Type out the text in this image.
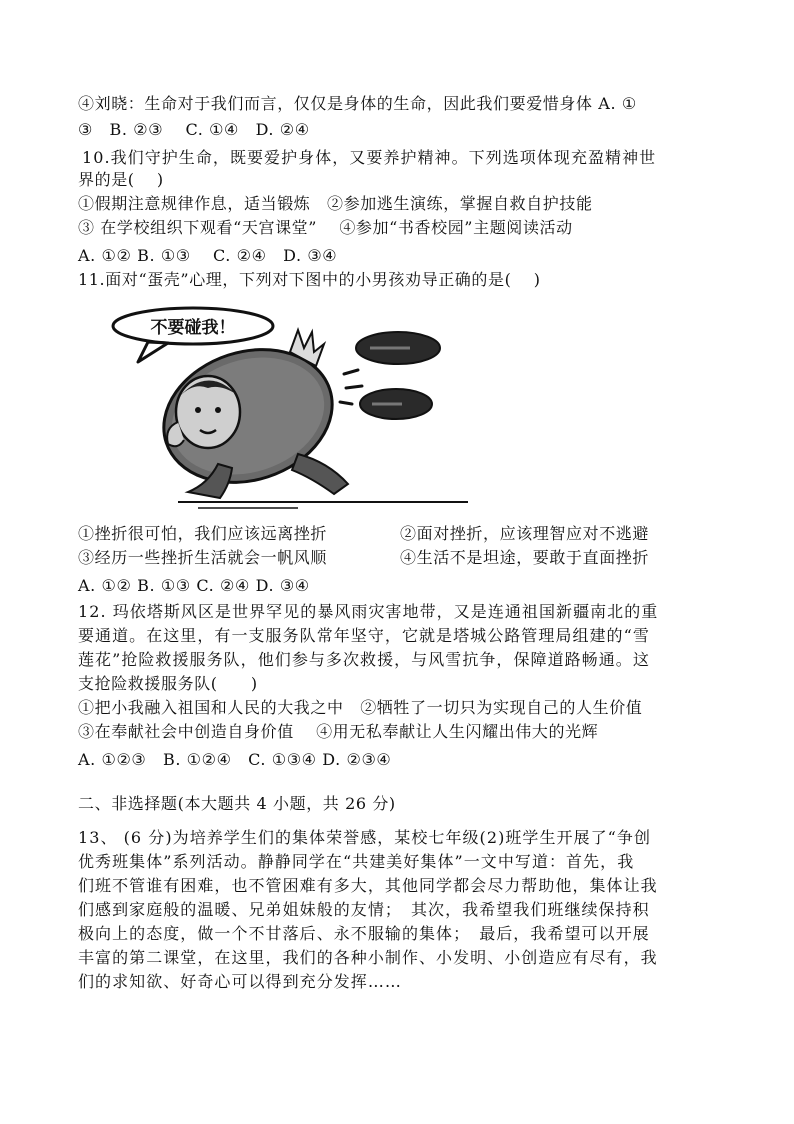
④刘晓：生命对于我们而言，仅仅是身体的生命，因此我们要爱惜身体 A. ①
③　B. ②③　 C. ①④　D. ②④
10.我们守护生命，既要爱护身体，又要养护精神。下列选项体现充盈精神世
界的是(　 )
①假期注意规律作息，适当锻炼　②参加逃生演练，掌握自救自护技能
③ 在学校组织下观看“天宫课堂”　 ④参加“书香校园”主题阅读活动
A. ①② B. ①③　 C. ②④　D. ③④
11.面对“蛋壳”心理，下列对下图中的小男孩劝导正确的是(　 )
不要碰我！
①挫折很可怕，我们应该远离挫折	②面对挫折，应该理智应对不逃避
③经历一些挫折生活就会一帆风顺	④生活不是坦途，要敢于直面挫折
A. ①② B. ①③ C. ②④ D. ③④
12. 玛依塔斯风区是世界罕见的暴风雨灾害地带，又是连通祖国新疆南北的重
要通道。在这里，有一支服务队常年坚守，它就是塔城公路管理局组建的“雪
莲花”抢险救援服务队，他们参与多次救援，与风雪抗争，保障道路畅通。这
支抢险救援服务队(　　)
①把小我融入祖国和人民的大我之中　②牺牲了一切只为实现自己的人生价值
③在奉献社会中创造自身价值　 ④用无私奉献让人生闪耀出伟大的光辉
A. ①②③　B. ①②④　C. ①③④ D. ②③④
二、非选择题(本大题共 4 小题，共 26 分)
13、 (6 分)为培养学生们的集体荣誉感，某校七年级(2)班学生开展了“争创
优秀班集体”系列活动。静静同学在“共建美好集体”一文中写道：首先，我
们班不管谁有困难，也不管困难有多大，其他同学都会尽力帮助他，集体让我
们感到家庭般的温暖、兄弟姐妹般的友情；　其次，我希望我们班继续保持积
极向上的态度，做一个不甘落后、永不服输的集体；　最后，我希望可以开展
丰富的第二课堂，在这里，我们的各种小制作、小发明、小创造应有尽有，我
们的求知欲、好奇心可以得到充分发挥……
